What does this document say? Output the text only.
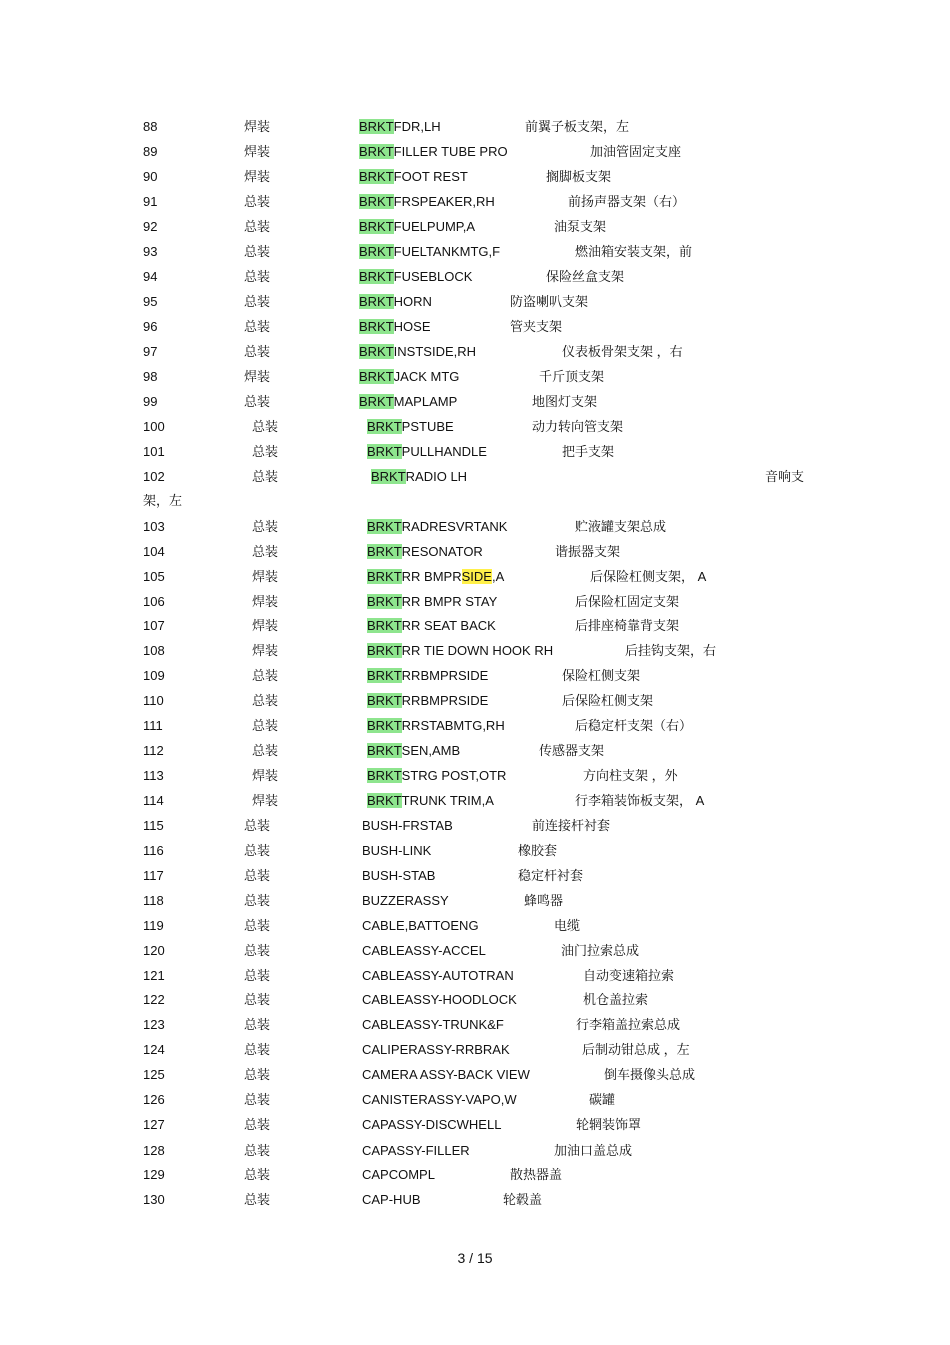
88	焊装	BRKTFDR,LH	前翼子板支架，左
89	焊装	BRKTFILLER TUBE PRO	加油管固定支座
90	焊装	BRKTFOOT REST	搁脚板支架
91	总装	BRKTFRSPEAKER,RH	前扬声器支架（右）
92	总装	BRKTFUELPUMP,A	油泵支架
93	总装	BRKTFUELTANKMTG,F	燃油箱安装支架，前
94	总装	BRKTFUSEBLOCK	保险丝盒支架
95	总装	BRKTHORN	防盗喇叭支架
96	总装	BRKTHOSE	管夹支架
97	总装	BRKTINSTSIDE,RH	仪表板骨架支架 ，右
98	焊装	BRKTJACK MTG	千斤顶支架
99	总装	BRKTMAPLAMP	地图灯支架
100	总装	BRKTPSTUBE	动力转向管支架
101	总装	BRKTPULLHANDLE	把手支架
102	总装	BRKTRADIO LH	音响支
架，左
103	总装	BRKTRADRESVRTANK	贮液罐支架总成
104	总装	BRKTRESONATOR	谐振器支架
105	焊装	BRKTRR BMPRSIDE,A	后保险杠侧支架， A
106	焊装	BRKTRR BMPR STAY	后保险杠固定支架
107	焊装	BRKTRR SEAT BACK	后排座椅靠背支架
108	焊装	BRKTRR TIE DOWN HOOK RH	后挂钩支架，右
109	总装	BRKTRRBMPRSIDE	保险杠侧支架
110	总装	BRKTRRBMPRSIDE	后保险杠侧支架
111	总装	BRKTRRSTABMTG,RH	后稳定杆支架（右）
112	总装	BRKTSEN,AMB	传感器支架
113	焊装	BRKTSTRG POST,OTR	方向柱支架 ，外
114	焊装	BRKTTRUNK TRIM,A	行李箱装饰板支架， A
115	总装	BUSH-FRSTAB	前连接杆衬套
116	总装	BUSH-LINK	橡胶套
117	总装	BUSH-STAB	稳定杆衬套
118	总装	BUZZERASSY	蜂鸣器
119	总装	CABLE,BATTOENG	电缆
120	总装	CABLEASSY-ACCEL	油门拉索总成
121	总装	CABLEASSY-AUTOTRAN	自动变速箱拉索
122	总装	CABLEASSY-HOODLOCK	机仓盖拉索
123	总装	CABLEASSY-TRUNK&F	行李箱盖拉索总成
124	总装	CALIPERASSY-RRBRAK	后制动钳总成 ，左
125	总装	CAMERA ASSY-BACK VIEW	倒车摄像头总成
126	总装	CANISTERASSY-VAPO,W	碳罐
127	总装	CAPASSY-DISCWHELL	轮辋装饰罩
128	总装	CAPASSY-FILLER	加油口盖总成
129	总装	CAPCOMPL	散热器盖
130	总装	CAP-HUB	轮毂盖
3 / 15
